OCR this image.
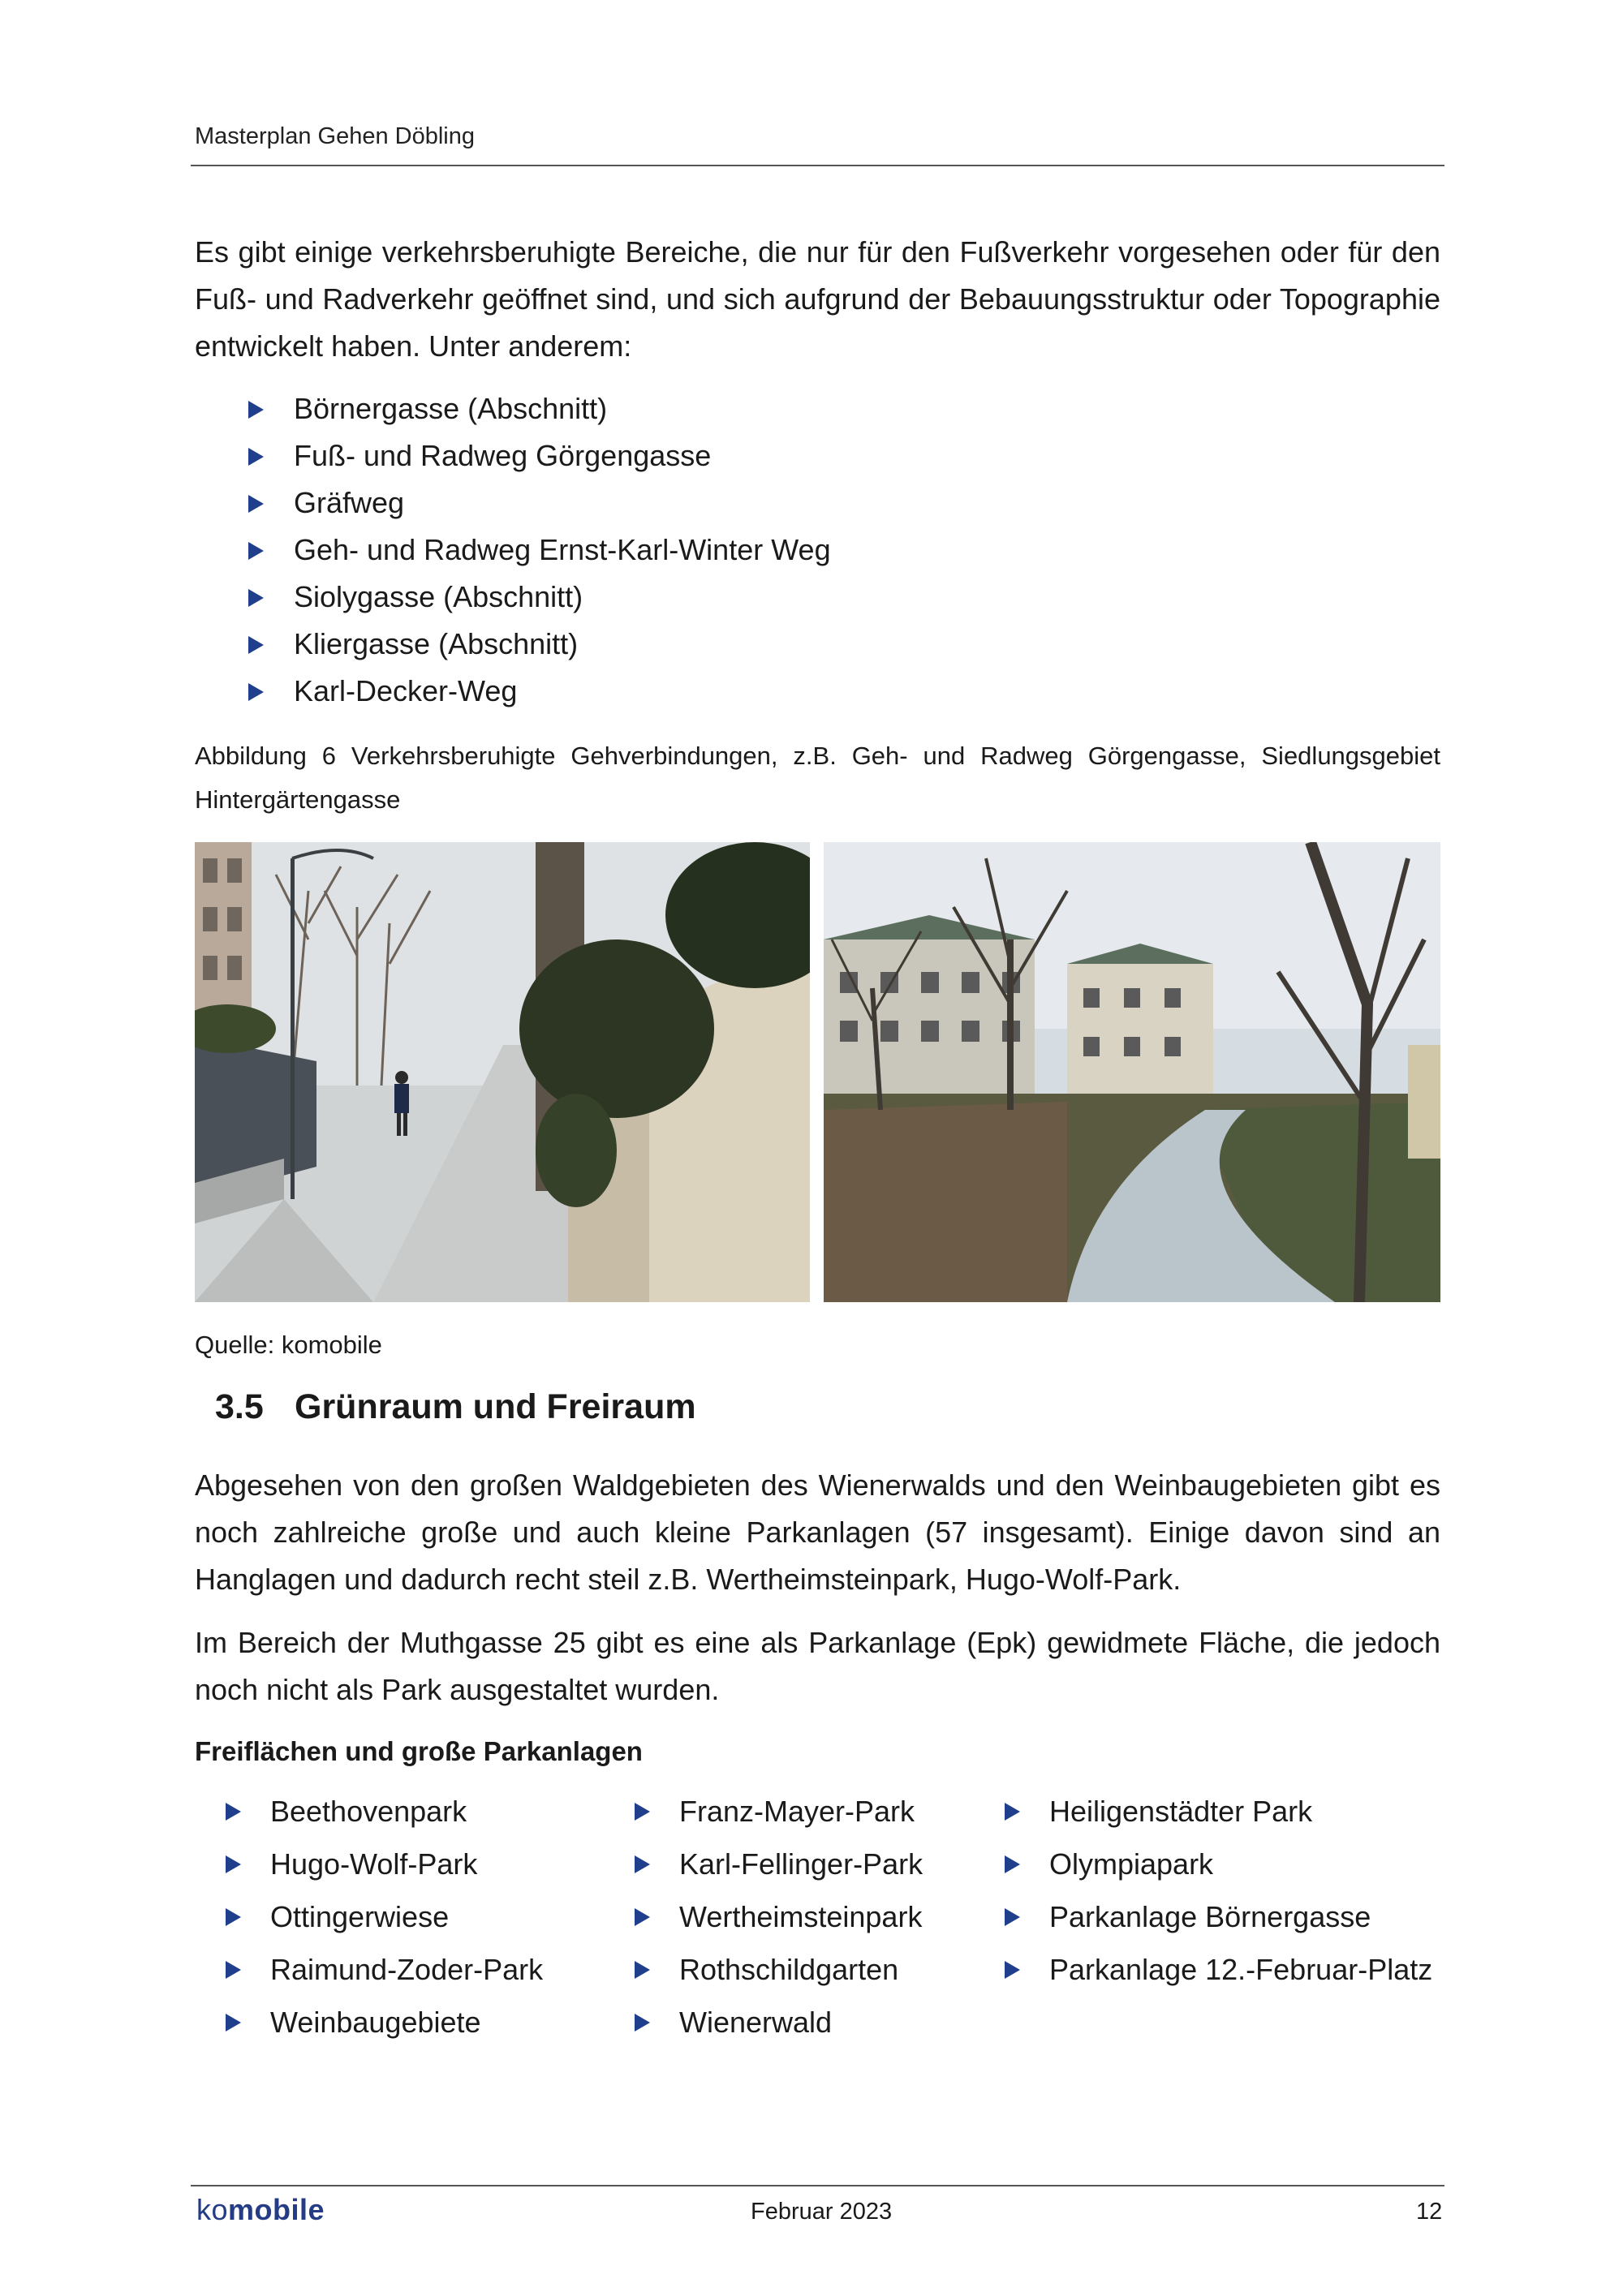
Masterplan Gehen Döbling

Es gibt einige verkehrsberuhigte Bereiche, die nur für den Fußverkehr vorgesehen oder für den Fuß- und Radverkehr geöffnet sind, und sich aufgrund der Bebauungsstruktur oder Topographie entwickelt haben. Unter anderem:

Börnergasse (Abschnitt)
Fuß- und Radweg Görgengasse
Gräfweg
Geh- und Radweg Ernst-Karl-Winter Weg
Siolygasse (Abschnitt)
Kliergasse (Abschnitt)
Karl-Decker-Weg

Abbildung 6 Verkehrsberuhigte Gehverbindungen, z.B. Geh- und Radweg Görgengasse, Siedlungsgebiet Hintergärtengasse

Quelle: komobile
3.5 Grünraum und Freiraum

Abgesehen von den großen Waldgebieten des Wienerwalds und den Weinbaugebieten gibt es noch zahlreiche große und auch kleine Parkanlagen (57 insgesamt). Einige davon sind an Hanglagen und dadurch recht steil z.B. Wertheimsteinpark, Hugo-Wolf-Park.

Im Bereich der Muthgasse 25 gibt es eine als Parkanlage (Epk) gewidmete Fläche, die jedoch noch nicht als Park ausgestaltet wurden.

Freiflächen und große Parkanlagen
Beethovenpark
Hugo-Wolf-Park
Ottingerwiese
Raimund-Zoder-Park
Weinbaugebiete
Franz-Mayer-Park
Karl-Fellinger-Park
Wertheimsteinpark
Rothschildgarten
Wienerwald
Heiligenstädter Park
Olympiapark
Parkanlage Börnergasse
Parkanlage 12.-Februar-Platz
komobile	Februar 2023	12
